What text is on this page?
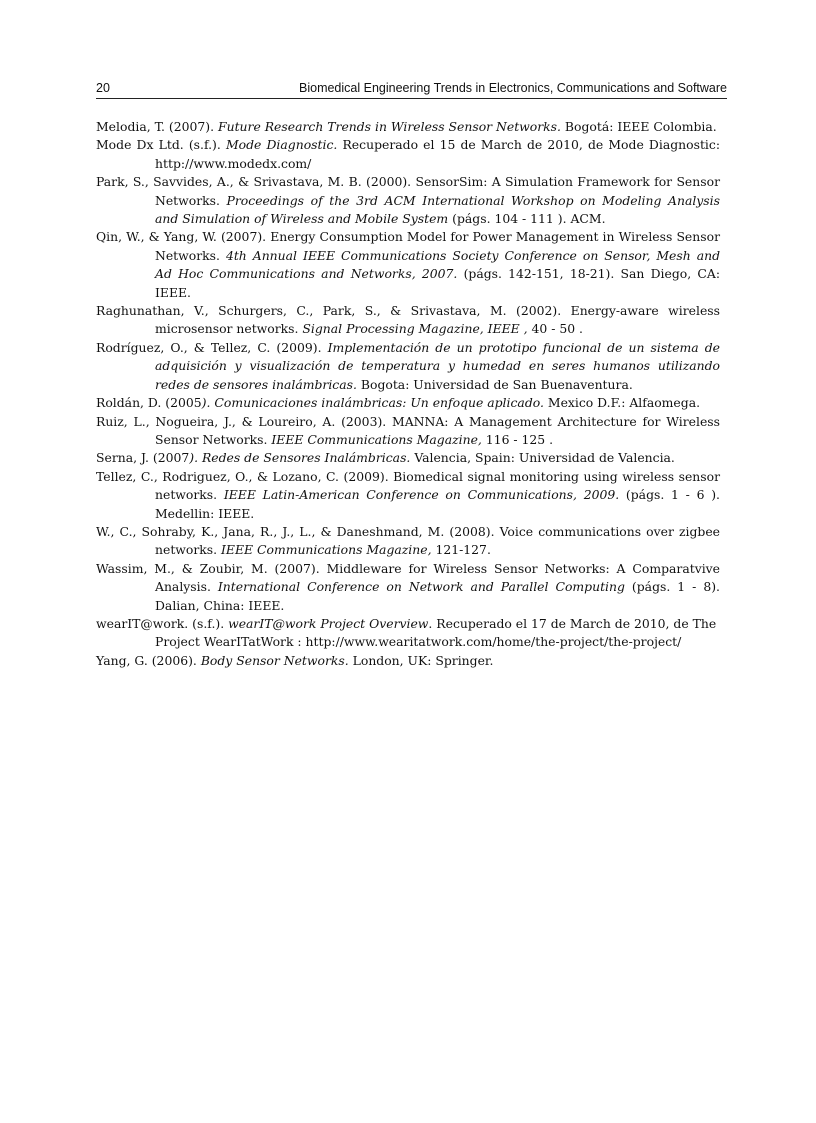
20	Biomedical Engineering Trends in Electronics, Communications and Software

Melodia, T. (2007). Future Research Trends in Wireless Sensor Networks. Bogotá: IEEE Colombia.

Mode Dx Ltd. (s.f.). Mode Diagnostic. Recuperado el 15 de March de 2010, de Mode Diagnostic: http://www.modedx.com/

Park, S., Savvides, A., & Srivastava, M. B. (2000). SensorSim: A Simulation Framework for Sensor Networks. Proceedings of the 3rd ACM International Workshop on Modeling Analysis and Simulation of Wireless and Mobile System (págs. 104 - 111 ). ACM.

Qin, W., & Yang, W. (2007). Energy Consumption Model for Power Management in Wireless Sensor Networks. 4th Annual IEEE Communications Society Conference on Sensor, Mesh and Ad Hoc Communications and Networks, 2007. (págs. 142-151, 18-21). San Diego, CA: IEEE.

Raghunathan, V., Schurgers, C., Park, S., & Srivastava, M. (2002). Energy-aware wireless microsensor networks. Signal Processing Magazine, IEEE , 40 - 50 .

Rodríguez, O., & Tellez, C. (2009). Implementación de un prototipo funcional de un sistema de adquisición y visualización de temperatura y humedad en seres humanos utilizando redes de sensores inalámbricas. Bogota: Universidad de San Buenaventura.

Roldán, D. (2005). Comunicaciones inalámbricas: Un enfoque aplicado. Mexico D.F.: Alfaomega.

Ruiz, L., Nogueira, J., & Loureiro, A. (2003). MANNA: A Management Architecture for Wireless Sensor Networks. IEEE Communications Magazine, 116 - 125 .

Serna, J. (2007). Redes de Sensores Inalámbricas. Valencia, Spain: Universidad de Valencia.

Tellez, C., Rodriguez, O., & Lozano, C. (2009). Biomedical signal monitoring using wireless sensor networks. IEEE Latin-American Conference on Communications, 2009. (págs. 1 - 6 ). Medellin: IEEE.

W., C., Sohraby, K., Jana, R., J., L., & Daneshmand, M. (2008). Voice communications over zigbee networks. IEEE Communications Magazine, 121-127.

Wassim, M., & Zoubir, M. (2007). Middleware for Wireless Sensor Networks: A Comparatvive Analysis. International Conference on Network and Parallel Computing (págs. 1 - 8). Dalian, China: IEEE.

wearIT@work. (s.f.). wearIT@work Project Overview. Recuperado el 17 de March de 2010, de The Project WearITatWork : http://www.wearitatwork.com/home/the-project/the-project/

Yang, G. (2006). Body Sensor Networks. London, UK: Springer.
